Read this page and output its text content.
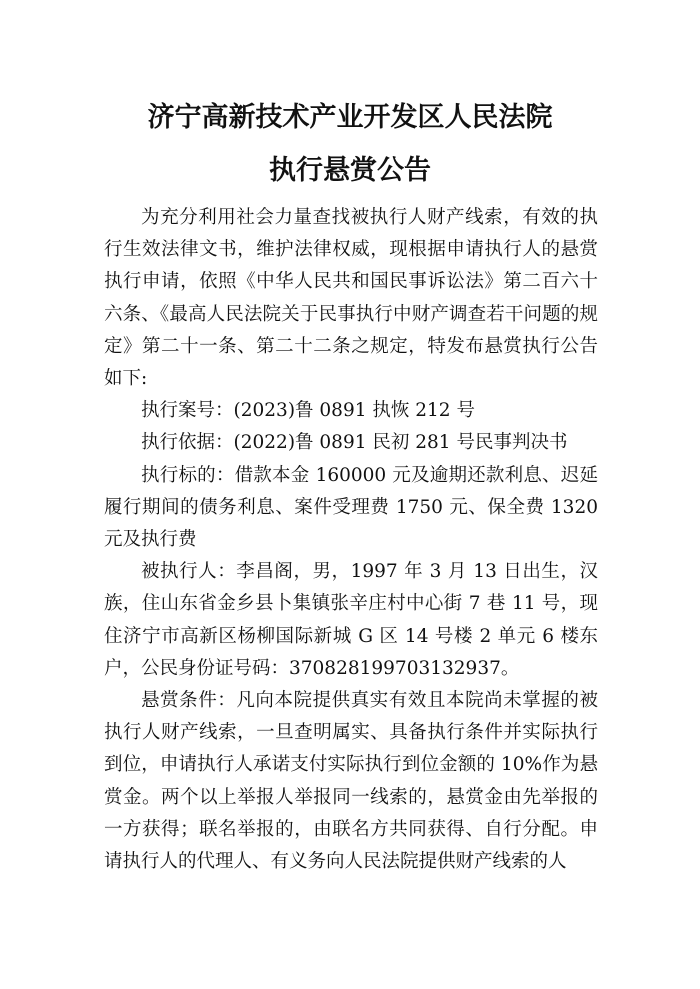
济宁高新技术产业开发区人民法院
执行悬赏公告

为充分利用社会力量查找被执行人财产线索，有效的执行生效法律文书，维护法律权威，现根据申请执行人的悬赏执行申请，依照《中华人民共和国民事诉讼法》第二百六十六条、《最高人民法院关于民事执行中财产调查若干问题的规定》第二十一条、第二十二条之规定，特发布悬赏执行公告如下:

执行案号：(2023)鲁 0891 执恢 212 号

执行依据：(2022)鲁 0891 民初 281 号民事判决书

执行标的：借款本金 160000 元及逾期还款利息、迟延履行期间的债务利息、案件受理费 1750 元、保全费 1320 元及执行费

被执行人：李昌阁，男，1997 年 3 月 13 日出生，汉族，住山东省金乡县卜集镇张辛庄村中心街 7 巷 11 号，现住济宁市高新区杨柳国际新城 G 区 14 号楼 2 单元 6 楼东户，公民身份证号码：370828199703132937。

悬赏条件：凡向本院提供真实有效且本院尚未掌握的被执行人财产线索，一旦查明属实、具备执行条件并实际执行到位，申请执行人承诺支付实际执行到位金额的 10%作为悬赏金。两个以上举报人举报同一线索的，悬赏金由先举报的一方获得；联名举报的，由联名方共同获得、自行分配。申请执行人的代理人、有义务向人民法院提供财产线索的人
